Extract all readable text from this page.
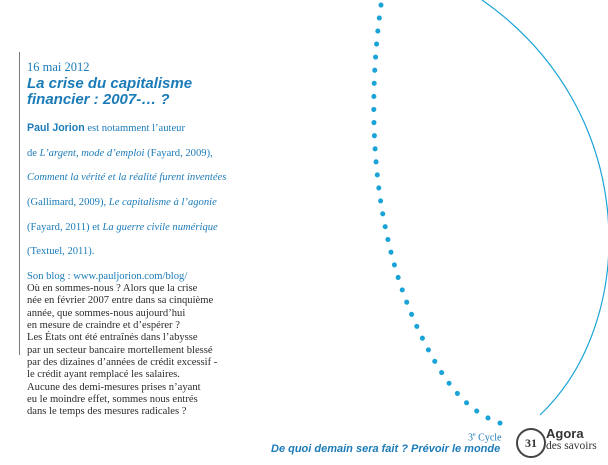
16 mai 2012
La crise du capitalisme
financier : 2007-… ?

Paul Jorion est notamment l’auteur

de L’argent, mode d’emploi (Fayard, 2009),

Comment la vérité et la réalité furent inventées

(Gallimard, 2009), Le capitalisme à l’agonie

(Fayard, 2011) et La guerre civile numérique

(Textuel, 2011).

Son blog : www.pauljorion.com/blog/

Où en sommes-nous ? Alors que la crise
née en février 2007 entre dans sa cinquième
année, que sommes-nous aujourd’hui
en mesure de craindre et d’espérer ?
Les États ont été entraînés dans l’abysse
par un secteur bancaire mortellement blessé
par des dizaines d’années de crédit excessif -
le crédit ayant remplacé les salaires.
Aucune des demi-mesures prises n’ayant
eu le moindre effet, sommes nous entrés
dans le temps des mesures radicales ?

3e Cycle
De quoi demain sera fait ? Prévoir le monde	31
Agora
des savoirs
